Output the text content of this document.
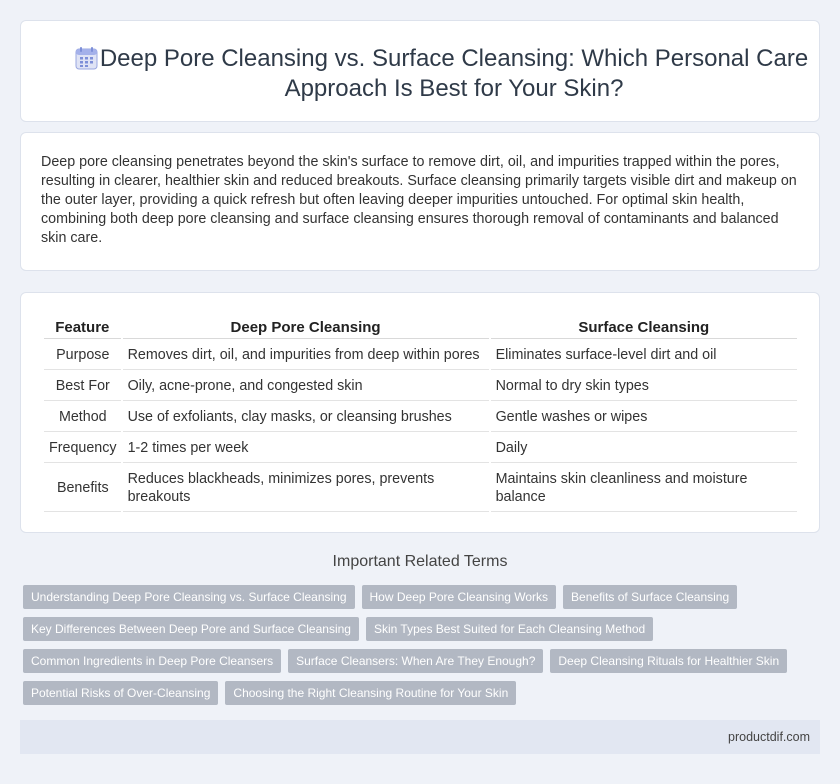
Deep Pore Cleansing vs. Surface Cleansing: Which Personal Care Approach Is Best for Your Skin?

Deep pore cleansing penetrates beyond the skin's surface to remove dirt, oil, and impurities trapped within the pores, resulting in clearer, healthier skin and reduced breakouts. Surface cleansing primarily targets visible dirt and makeup on the outer layer, providing a quick refresh but often leaving deeper impurities untouched. For optimal skin health, combining both deep pore cleansing and surface cleansing ensures thorough removal of contaminants and balanced skin care.

Feature	Deep Pore Cleansing	Surface Cleansing
Purpose	Removes dirt, oil, and impurities from deep within pores	Eliminates surface-level dirt and oil
Best For	Oily, acne-prone, and congested skin	Normal to dry skin types
Method	Use of exfoliants, clay masks, or cleansing brushes	Gentle washes or wipes
Frequency	1-2 times per week	Daily
Benefits	Reduces blackheads, minimizes pores, prevents breakouts	Maintains skin cleanliness and moisture balance
Important Related Terms
Understanding Deep Pore Cleansing vs. Surface Cleansing	How Deep Pore Cleansing Works	Benefits of Surface Cleansing
Key Differences Between Deep Pore and Surface Cleansing	Skin Types Best Suited for Each Cleansing Method
Common Ingredients in Deep Pore Cleansers	Surface Cleansers: When Are They Enough?	Deep Cleansing Rituals for Healthier Skin
Potential Risks of Over-Cleansing	Choosing the Right Cleansing Routine for Your Skin
productdif.com
